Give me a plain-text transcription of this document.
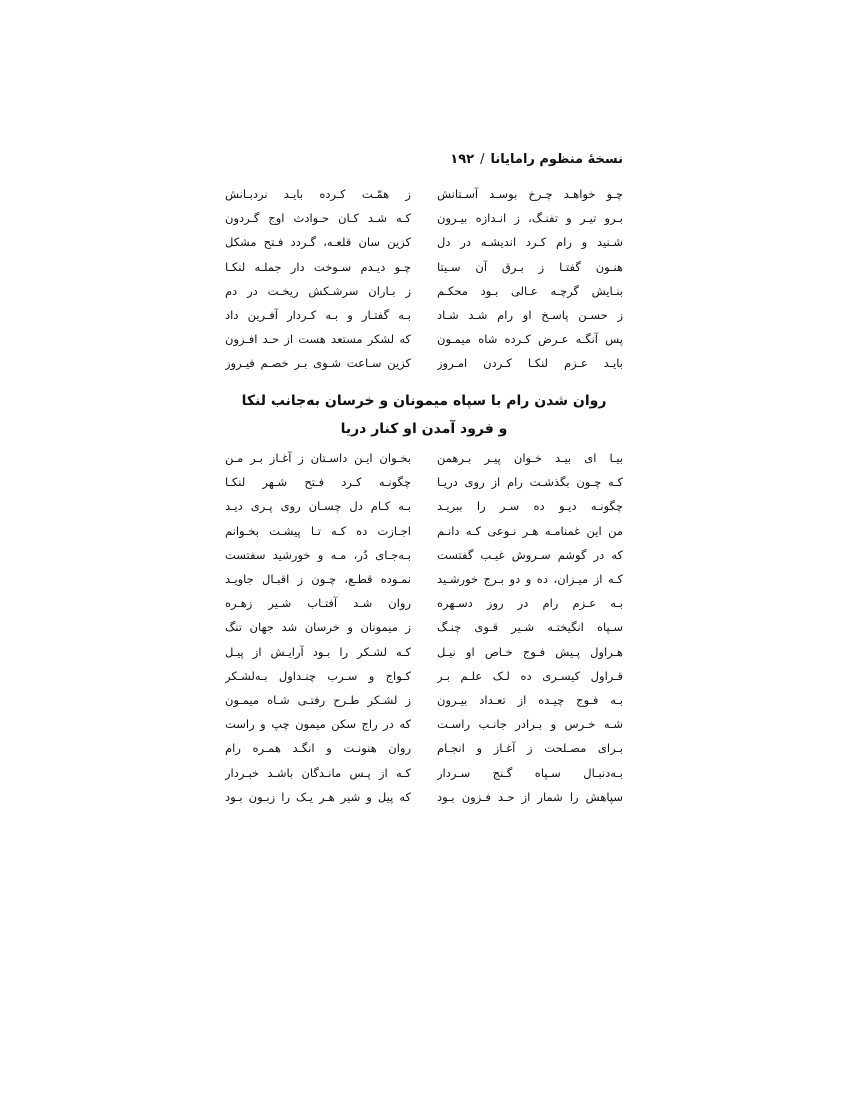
نسخهٔ منظوم رامایانا/۱۹۲
چـو خواهـد چـرخ بوسـد آسـتانش
ز همّـت کـرده بایـد نردبـانش
بـرو تیـر و تفنـگ، ز انـدازه بیـرون
کـه شـد کـان حـوادث اوج گـردون
شـنید و رام کـرد اندیشـه در دل
کزین سان قلعـه، گـردد فـتح مشکل
هنـون گفتـا ز بـرق آن سـیتا
چـو دیـدم سـوخت دار جملـه لنکـا
بنـایش گرچـه عـالی بـود محکـم
ز بـاران سرشـکش ریخـت در دم
ز حسـن پاسـخ او رام شـد شـاد
بـه گفتـار و بـه کـردار آفـرین داد
پس آنگـه عـرض کـرده شاه میمـون
که لشکر مستعد هست از حـد افـزون
بایـد عـزم لنکـا کـردن امـروز
کزین سـاعت شـوی بـر خصـم فیـروز
روان شدن رام با سپاه میمونان و خرسان به‌جانب لنکا
و فرود آمدن او کنار دریا
بیـا ای بیـد خـوان پیـر بـرهمن
بخـوان ایـن داسـتان ز آغـاز بـر مـن
کـه چـون بگذشـت رام از روی دریـا
چگونـه کـرد فـتح شـهر لنکـا
چگونـه دیـو ده سـر را ببریـد
بـه کـام دل چسـان روی پـری دیـد
من این غمنامـه هـر نـوعی کـه دانـم
اجـازت ده کـه تـا پیشـت بخـوانم
که در گوشم سـروش غیـب گفتست
بـه‌جـای دُر، مـه و خورشید سفتست
کـه از میـزان، ده و دو بـرج خورشـید
نمـوده قطـع، چـون ز اقبـال جاویـد
بـه عـزم رام در روز دسـهره
روان شـد آفتـاب شـیر زهـره
سـپاه انگیختـه شـیر قـوی چنـگ
ز میمونان و خرسان شد جهان تنگ
هـراول پـیش فـوج خـاص او نیـل
کـه لشـکر را بـود آرایـش از پیـل
قـراول کیسـری ده لـک علـم بـر
کـواج و سـرب چنـداول بـه‌لشـکر
بـه فـوج چیـده از تعـداد بیـرون
ز لشـکر طـرح رفتـی شـاه میمـون
شـه خـرس و بـرادر جانـب راسـت
که در راج سکن میمون چپ و راست
بـرای مصـلحت ز آغـاز و انجـام
روان هنونـت و انگـد همـره رام
بـه‌دنبـال سـپاه گـنج سـردار
کـه از پـس مانـدگان باشـد خبـردار
سپاهش را شمار از حـد فـزون بـود
که پیل و شیر هـر یـک را زبـون بـود
